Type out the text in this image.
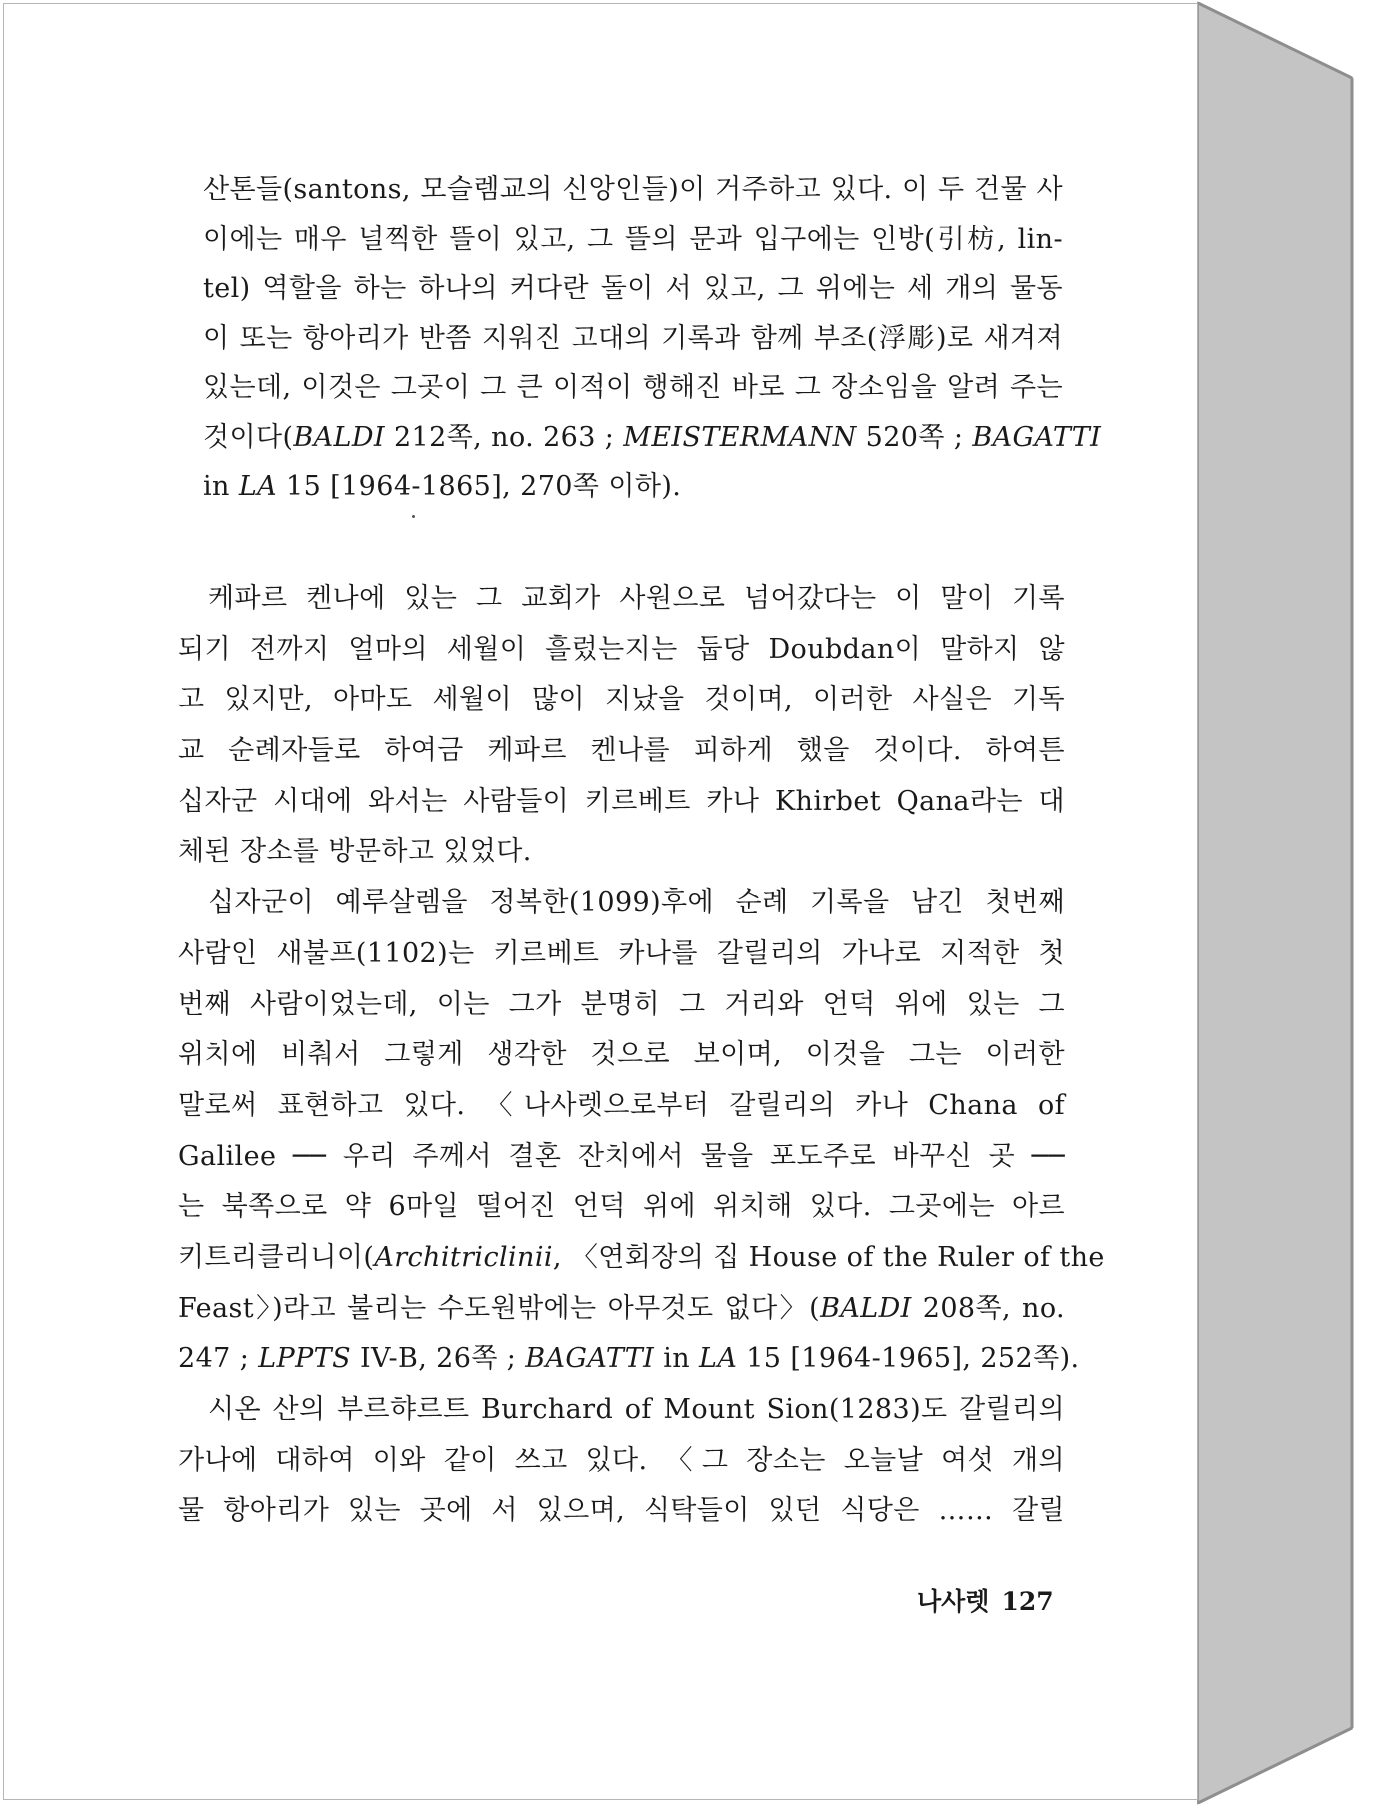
산톤들(santons, 모슬렘교의 신앙인들)이 거주하고 있다. 이 두 건물 사
이에는 매우 널찍한 뜰이 있고, 그 뜰의 문과 입구에는 인방(引枋, lin-
tel) 역할을 하는 하나의 커다란 돌이 서 있고, 그 위에는 세 개의 물동
이 또는 항아리가 반쯤 지워진 고대의 기록과 함께 부조(浮彫)로 새겨져
있는데, 이것은 그곳이 그 큰 이적이 행해진 바로 그 장소임을 알려 주는
것이다(BALDI 212쪽, no. 263 ; MEISTERMANN 520쪽 ; BAGATTI
in LA 15 [1964-1865], 270쪽 이하).
케파르 켄나에 있는 그 교회가 사원으로 넘어갔다는 이 말이 기록
되기 전까지 얼마의 세월이 흘렀는지는 둡당 Doubdan이 말하지 않
고 있지만, 아마도 세월이 많이 지났을 것이며, 이러한 사실은 기독
교 순례자들로 하여금 케파르 켄나를 피하게 했을 것이다. 하여튼
십자군 시대에 와서는 사람들이 키르베트 카나 Khirbet Qana라는 대
체된 장소를 방문하고 있었다.
십자군이 예루살렘을 정복한(1099)후에 순례 기록을 남긴 첫번째
사람인 새불프(1102)는 키르베트 카나를 갈릴리의 가나로 지적한 첫
번째 사람이었는데, 이는 그가 분명히 그 거리와 언덕 위에 있는 그
위치에 비춰서 그렇게 생각한 것으로 보이며, 이것을 그는 이러한
말로써 표현하고 있다. 〈나사렛으로부터 갈릴리의 카나 Chana of
Galilee ── 우리 주께서 결혼 잔치에서 물을 포도주로 바꾸신 곳 ──
는 북쪽으로 약 6마일 떨어진 언덕 위에 위치해 있다. 그곳에는 아르
키트리클리니이(Architriclinii, 〈연회장의 집 House of the Ruler of the
Feast〉)라고 불리는 수도원밖에는 아무것도 없다〉(BALDI 208쪽, no.
247 ; LPPTS IV-B, 26쪽 ; BAGATTI in LA 15 [1964-1965], 252쪽).
시온 산의 부르햐르트 Burchard of Mount Sion(1283)도 갈릴리의
가나에 대하여 이와 같이 쓰고 있다. 〈그 장소는 오늘날 여섯 개의
물 항아리가 있는 곳에 서 있으며, 식탁들이 있던 식당은 …… 갈릴
나사렛 127
